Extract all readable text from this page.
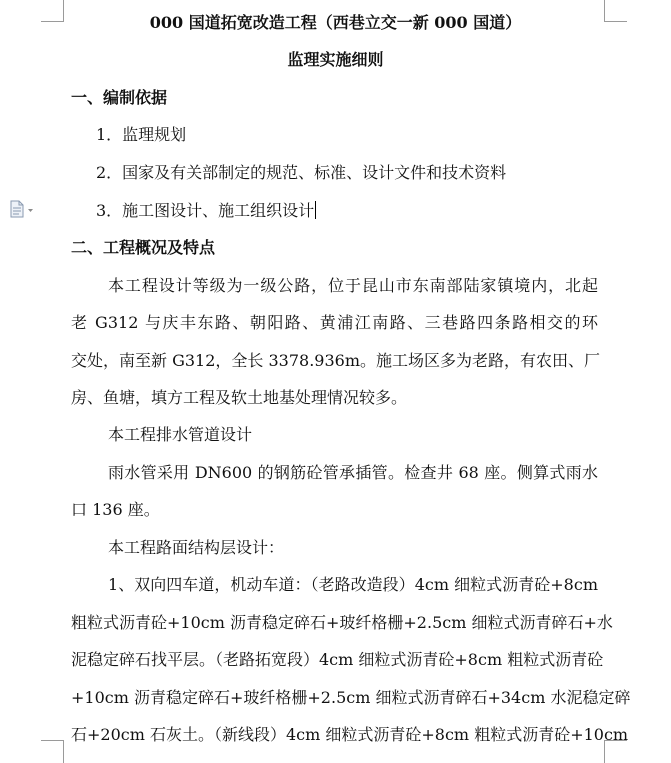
000 国道拓宽改造工程（西巷立交一新 000 国道）
监理实施细则
一、编制依据
1．监理规划
2．国家及有关部制定的规范、标准、设计文件和技术资料
3．施工图设计、施工组织设计
二、工程概况及特点
本工程设计等级为一级公路，位于昆山市东南部陆家镇境内，北起
老 G312 与庆丰东路、朝阳路、黄浦江南路、三巷路四条路相交的环
交处，南至新 G312，全长 3378.936m。施工场区多为老路，有农田、厂
房、鱼塘，填方工程及软土地基处理情况较多。
本工程排水管道设计
雨水管采用 DN600 的钢筋砼管承插管。检查井 68 座。侧算式雨水
口 136 座。
本工程路面结构层设计：
1、双向四车道，机动车道：（老路改造段）4cm 细粒式沥青砼+8cm
粗粒式沥青砼+10cm 沥青稳定碎石+玻纤格栅+2.5cm 细粒式沥青碎石+水
泥稳定碎石找平层。（老路拓宽段）4cm 细粒式沥青砼+8cm 粗粒式沥青砼
+10cm 沥青稳定碎石+玻纤格栅+2.5cm 细粒式沥青碎石+34cm 水泥稳定碎
石+20cm 石灰土。（新线段）4cm 细粒式沥青砼+8cm 粗粒式沥青砼+10cm
